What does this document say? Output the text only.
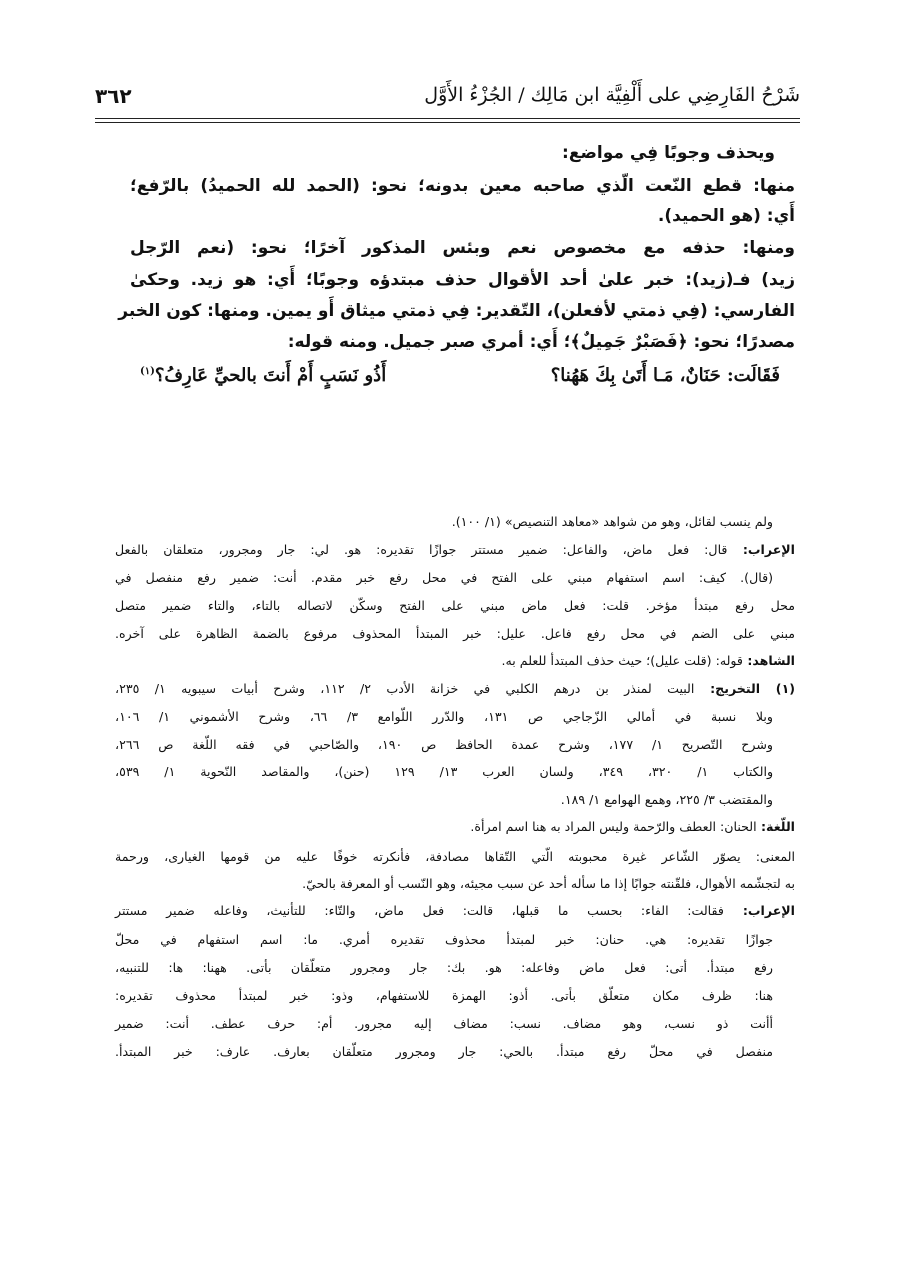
شَرْحُ الفَارِضِي على أَلْفِيَّة ابن مَالِك / الجُزْءُ الأَوَّل
٣٦٢
ويحذف وجوبًا فِي مواضع:
منها: قطع النّعت الّذي صاحبه معين بدونه؛ نحو: (الحمد لله الحميدُ) بالرّفع؛
أَي: (هو الحميد).
ومنها: حذفه مع مخصوص نعم وبئس المذكور آخرًا؛ نحو: (نعم الرّجل
زيد) فـ(زيد): خبر علىٰ أحد الأقوال حذف مبتدؤه وجوبًا؛ أَي: هو زيد. وحكىٰ
الفارسي: (فِي ذمتي لأفعلن)، التّقدير: فِي ذمتي ميثاق أَو يمين. ومنها: كون الخبر
مصدرًا؛ نحو: ﴿فَصَبْرٌ جَمِيلٌ﴾؛ أَي: أمري صبر جميل. ومنه قوله:
فَقَالَت: حَنَانٌ، مَـا أَتَىٰ بِكَ هَهُنا؟
أَذُو نَسَبٍ أَمْ أَنتَ بالحيِّ عَارِفُ؟$^{(١)}$
ولم ينسب لقائل، وهو من شواهد «معاهد التنصيص» (١/ ١٠٠).
الإعراب: قال: فعل ماض، والفاعل: ضمير مستتر جوازًا تقديره: هو. لي: جار ومجرور، متعلقان بالفعل
(قال). كيف: اسم استفهام مبني على الفتح في محل رفع خبر مقدم. أنت: ضمير رفع منفصل في
محل رفع مبتدأ مؤخر. قلت: فعل ماض مبني على الفتح وسكّن لاتصاله بالتاء، والتاء ضمير متصل
مبني على الضم في محل رفع فاعل. عليل: خبر المبتدأ المحذوف مرفوع بالضمة الظاهرة على آخره.
الشاهد: قوله: (قلت عليل)؛ حيث حذف المبتدأ للعلم به.
(١) التخريج: البيت لمنذر بن درهم الكلبي في خزانة الأدب ٢/ ١١٢، وشرح أبيات سيبويه ١/ ٢٣٥،
وبلا نسبة في أمالي الزّجاجي ص ١٣١، والدّرر اللّوامع ٣/ ٦٦، وشرح الأشموني ١/ ١٠٦،
وشرح التّصريح ١/ ١٧٧، وشرح عمدة الحافظ ص ١٩٠، والصّاحبي في فقه اللّغة ص ٢٦٦،
والكتاب ١/ ٣٢٠، ٣٤٩، ولسان العرب ١٣/ ١٢٩ (حنن)، والمقاصد النّحوية ١/ ٥٣٩،
والمقتضب ٣/ ٢٢٥، وهمع الهوامع ١/ ١٨٩.
اللّغة: الحنان: العطف والرّحمة وليس المراد به هنا اسم امرأة.
المعنى: يصوّر الشّاعر غيرة محبوبته الّتي التّقاها مصادفة، فأنكرته خوفًا عليه من قومها الغيارى، ورحمة
به لتجشّمه الأهوال، فلقّنته جوابًا إذا ما سأله أحد عن سبب مجيئه، وهو النّسب أو المعرفة بالحيّ.
الإعراب: فقالت: الفاء: بحسب ما قبلها، قالت: فعل ماض، والتّاء: للتأنيث، وفاعله ضمير مستتر
جوازًا تقديره: هي. حنان: خبر لمبتدأ محذوف تقديره أمري. ما: اسم استفهام في محلّ
رفع مبتدأ. أتى: فعل ماض وفاعله: هو. بك: جار ومجرور متعلّقان بأتى. ههنا: ها: للتنبيه،
هنا: ظرف مكان متعلّق بأتى. أذو: الهمزة للاستفهام، وذو: خبر لمبتدأ محذوف تقديره:
أأنت ذو نسب، وهو مضاف. نسب: مضاف إليه مجرور. أم: حرف عطف. أنت: ضمير
منفصل في محلّ رفع مبتدأ. بالحي: جار ومجرور متعلّقان بعارف. عارف: خبر المبتدأ.
